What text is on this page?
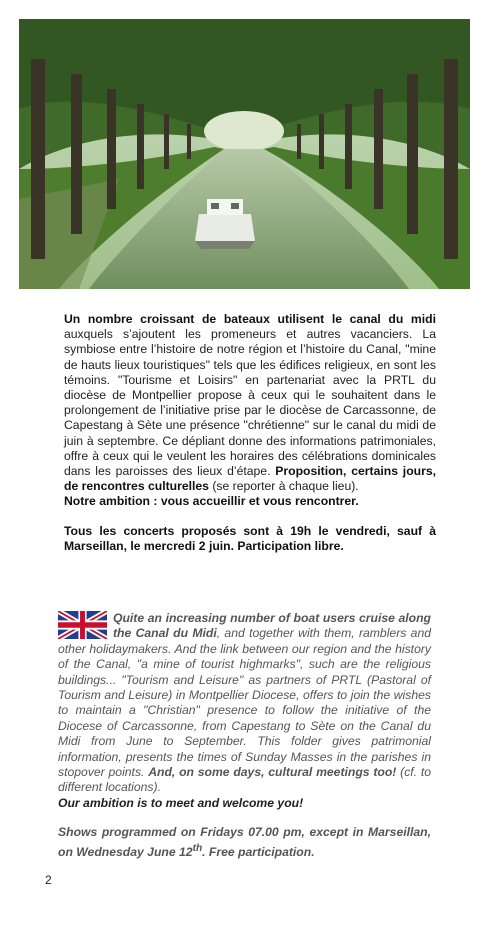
Un nombre croissant de bateaux utilisent le canal du midi auxquels s’ajoutent les promeneurs et autres vacanciers. La symbiose entre l’histoire de notre région et l’histoire du Canal, "mine de hauts lieux touristiques" tels que les édifices religieux, en sont les témoins. "Tourisme et Loisirs" en partenariat avec la PRTL du diocèse de Montpellier propose à ceux qui le souhaitent dans le prolongement de l’initiative prise par le diocèse de Carcassonne, de Capestang à Sète une présence "chrétienne" sur le canal du midi de juin à septembre. Ce dépliant donne des informations patrimoniales, offre à ceux qui le veulent les horaires des célébrations dominicales dans les paroisses des lieux d’étape. Proposition, certains jours, de rencontres culturelles (se reporter à chaque lieu).
Notre ambition : vous accueillir et vous rencontrer.

Tous les concerts proposés sont à 19h le vendredi, sauf à Marseillan, le mercredi 2 juin. Participation libre.

Quite an increasing number of boat users cruise along the Canal du Midi, and together with them, ramblers and other holidaymakers. And the link between our region and the history of the Canal, "a mine of tourist highmarks", such are the religious buildings... "Tourism and Leisure" as partners of PRTL (Pastoral of Tourism and Leisure) in Montpellier Diocese, offers to join the wishes to maintain a "Christian" presence to follow the initiative of the Diocese of Carcassonne, from Capestang to Sète on the Canal du Midi from June to September. This folder gives patrimonial information, presents the times of Sunday Masses in the parishes in stopover points. And, on some days, cultural meetings too! (cf. to different locations).
Our ambition is to meet and welcome you!

Shows programmed on Fridays 07.00 pm, except in Marseillan, on Wednesday June 12th. Free participation.

2
